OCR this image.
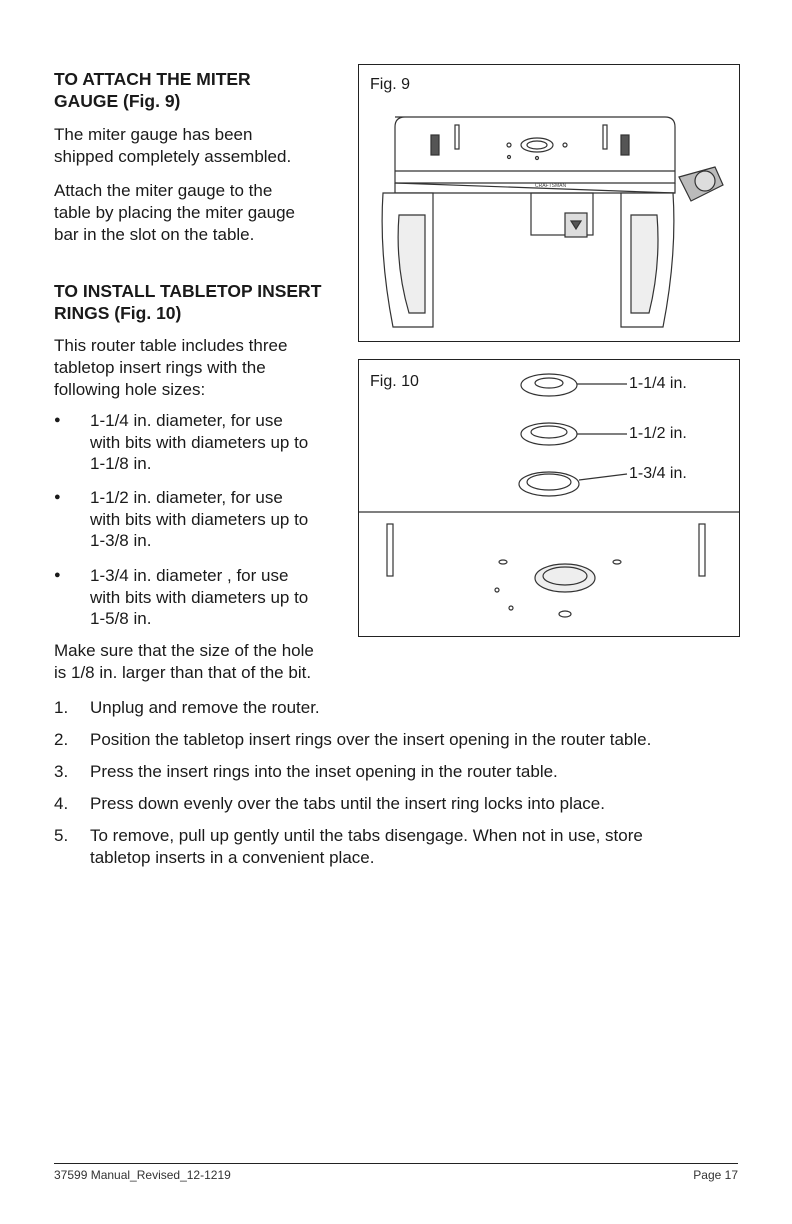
TO ATTACH THE MITER

GAUGE (Fig. 9)

The miter gauge has been

shipped completely assembled.

Attach the miter gauge to the

table by placing the miter gauge

bar in the slot on the table.

TO INSTALL TABLETOP INSERT

RINGS (Fig. 10)

This router table includes three

tabletop insert rings with the

following hole sizes:

● 1-1/4 in. diameter, for use
with bits with diameters up to
1-1/8 in.
● 1-1/2 in. diameter, for use
with bits with diameters up to
1-3/8 in.
● 1-3/4 in. diameter , for use
with bits with diameters up to
1-5/8 in.

Make sure that the size of the hole

is 1/8 in. larger than that of the bit.

1. Unplug and remove the router.
2. Position the tabletop insert rings over the insert opening in the router table.
3. Press the insert rings into the inset opening in the router table.
4. Press down evenly over the tabs until the insert ring locks into place.
5. To remove, pull up gently until the tabs disengage. When not in use, store
tabletop inserts in a convenient place.
Fig. 9
CRAFTSMAN
Fig. 10	1-1/4 in.
1-1/2 in.
1-3/4 in.
37599 Manual_Revised_12-1219	Page 17
